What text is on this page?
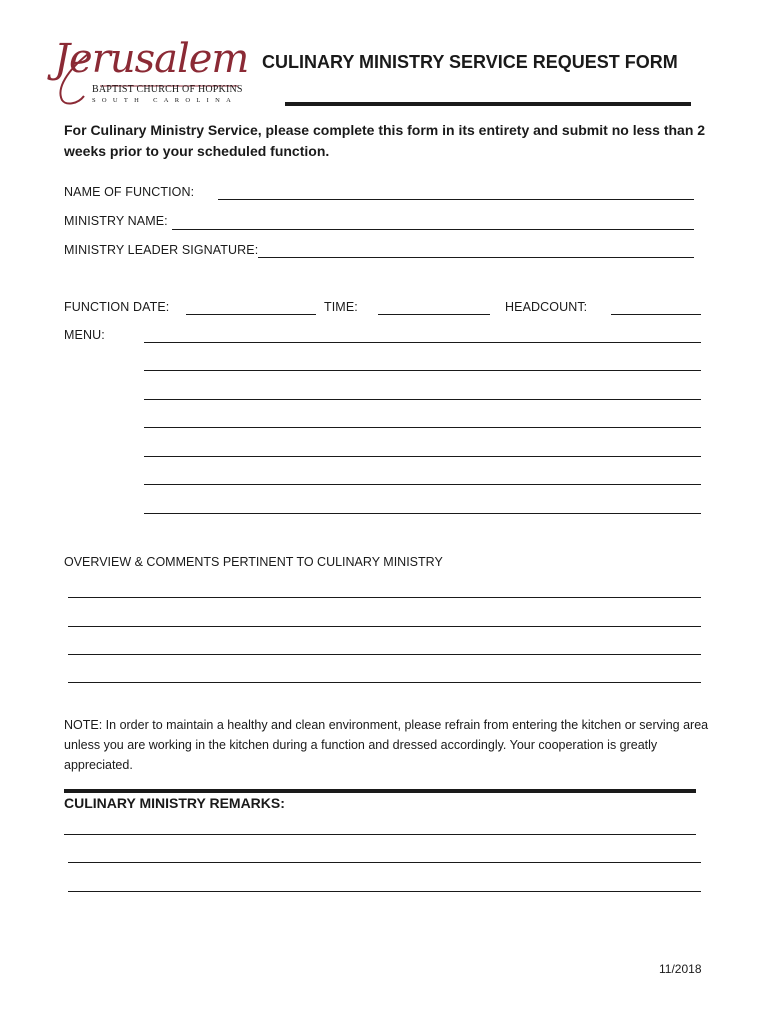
Jerusalem
BAPTIST CHURCH OF HOPKINS
SOUTH CAROLINA
CULINARY MINISTRY SERVICE REQUEST FORM
For Culinary Ministry Service, please complete this form in its entirety and submit no less than 2 weeks prior to your scheduled function.
NAME OF FUNCTION:
MINISTRY NAME:
MINISTRY LEADER SIGNATURE:
FUNCTION DATE:	TIME:	HEADCOUNT:
MENU:
OVERVIEW & COMMENTS PERTINENT TO CULINARY MINISTRY
NOTE: In order to maintain a healthy and clean environment, please refrain from entering the kitchen or serving area unless you are working in the kitchen during a function and dressed accordingly. Your cooperation is greatly appreciated.
CULINARY MINISTRY REMARKS:
11/2018
